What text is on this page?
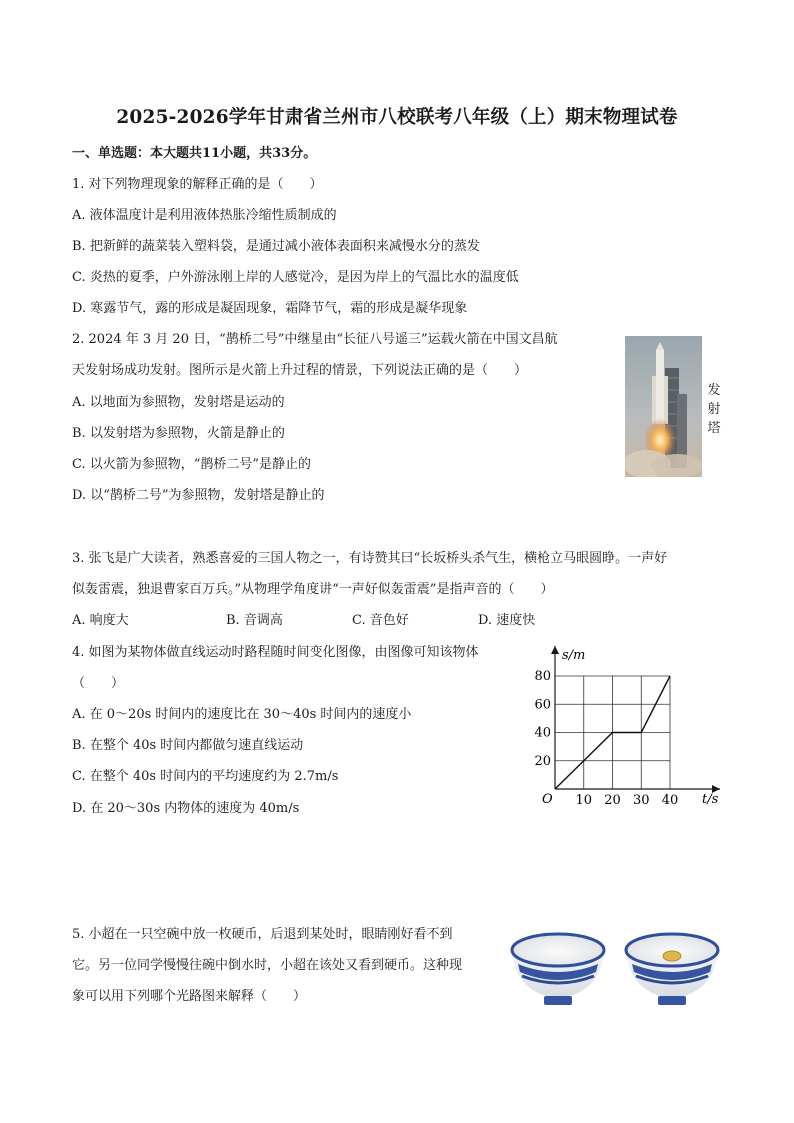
2025-2026学年甘肃省兰州市八校联考八年级（上）期末物理试卷
一、单选题：本大题共11小题，共33分。
1. 对下列物理现象的解释正确的是（　　）
A. 液体温度计是利用液体热胀冷缩性质制成的
B. 把新鲜的蔬菜装入塑料袋，是通过减小液体表面积来减慢水分的蒸发
C. 炎热的夏季，户外游泳刚上岸的人感觉冷，是因为岸上的气温比水的温度低
D. 寒露节气，露的形成是凝固现象，霜降节气，霜的形成是凝华现象
2. 2024 年 3 月 20 日，“鹊桥二号”中继星由“长征八号遥三”运载火箭在中国文昌航
天发射场成功发射。图所示是火箭上升过程的情景，下列说法正确的是（　　）
A. 以地面为参照物，发射塔是运动的
B. 以发射塔为参照物，火箭是静止的
C. 以火箭为参照物，“鹊桥二号”是静止的
D. 以“鹊桥二号”为参照物，发射塔是静止的
发
射
塔
3. 张飞是广大读者，熟悉喜爱的三国人物之一，有诗赞其曰“长坂桥头杀气生，横枪立马眼圆睁。一声好
似轰雷震，独退曹家百万兵。”从物理学角度讲“一声好似轰雷震”是指声音的（　　）
A. 响度大	B. 音调高	C. 音色好	D. 速度快
4. 如图为某物体做直线运动时路程随时间变化图像，由图像可知该物体
（　　）
A. 在 0～20s 时间内的速度比在 30～40s 时间内的速度小
B. 在整个 40s 时间内都做匀速直线运动
C. 在整个 40s 时间内的平均速度约为 2.7m/s
D. 在 20～30s 内物体的速度为 40m/s
10 20 30 40
20
40
60
80
O	t/s
s/m
5. 小超在一只空碗中放一枚硬币，后退到某处时，眼睛刚好看不到
它。另一位同学慢慢往碗中倒水时，小超在该处又看到硬币。这种现
象可以用下列哪个光路图来解释（　　）
